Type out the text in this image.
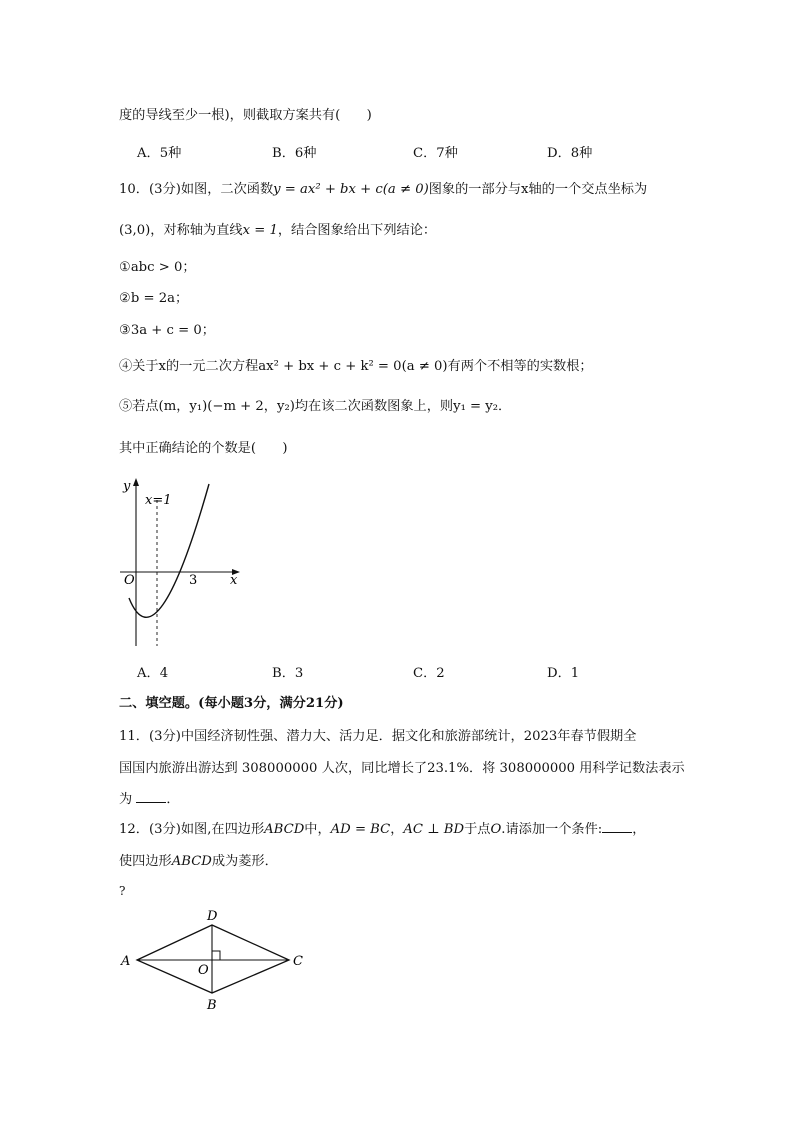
度的导线至少一根)，则截取方案共有(　　)
A．5种	B．6种	C．7种	D．8种
10．(3分)如图，二次函数y = ax² + bx + c(a ≠ 0)图象的一部分与x轴的一个交点坐标为
(3,0)，对称轴为直线x = 1，结合图象给出下列结论：
①abc > 0；
②b = 2a；
③3a + c = 0；
④关于x的一元二次方程ax² + bx + c + k² = 0(a ≠ 0)有两个不相等的实数根；
⑤若点(m，y₁)(−m + 2，y₂)均在该二次函数图象上，则y₁ = y₂．
其中正确结论的个数是(　　)
y
x
O
x=1
3
A．4	B．3	C．2	D．1
二、填空题。(每小题3分，满分21分)
11．(3分)中国经济韧性强、潜力大、活力足．据文化和旅游部统计，2023年春节假期全
国国内旅游出游达到 308000000 人次，同比增长了23.1%．将 308000000 用科学记数法表示
为	．
12．(3分)如图,在四边形ABCD中，AD = BC，AC ⊥ BD于点O.请添加一个条件: ，
使四边形ABCD成为菱形．
?
A	C
D
B
O
